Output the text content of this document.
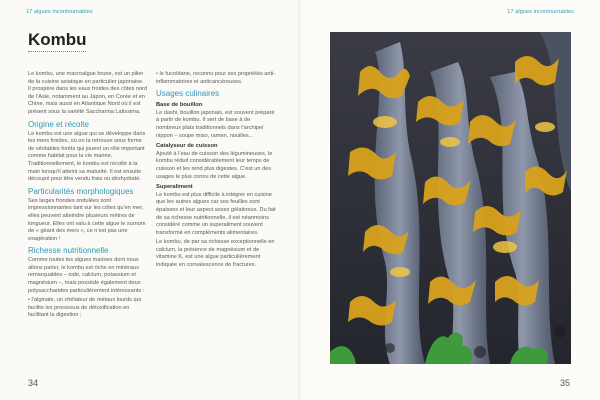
17 algues incontournables
Kombu

Le kombu, une macroalgue brune, est un pilier de la cuisine asiatique en particulier japonaise. Il prospère dans les eaux froides des côtes nord de l’Asie, notamment au Japon, en Corée et en Chine, mais aussi en Atlantique Nord où il est présent sous la variété Saccharina Latissima.

Origine et récolte

Le kombu est une algue qui se développe dans les mers froides, où on la retrouve sous forme de véritables forêts qui jouent un rôle important comme habitat pour la vie marine. Traditionnellement, le kombu est récolté à la main lorsqu’il atteint sa maturité. Il est ensuite découpé pour être vendu frais ou déshydraté.

Particularités morphologiques

Ses larges frondes ondulées sont impressionnantes tant sur les côtes qu’en mer, elles peuvent atteindre plusieurs mètres de longueur. Elles ont valu à cette algue le surnom de « géant des mers », ce n’est pas une exagération !

Richesse nutritionnelle

Comme toutes les algues marines dont nous allons parler, le kombu est riche en minéraux remarquables – iode, calcium, potassium et magnésium –, mais possède également deux polysaccharides particulièrement intéressants :

• l’alginate, un chélateur de métaux lourds qui facilite les processus de détoxification en facilitant la digestion ;

• le fucoïdane, reconnu pour ses propriétés anti-inflammatoires et anticancéreuses.

Usages culinaires
Base de bouillon

Le dashi, bouillon japonais, est souvent préparé à partir de kombu. Il sert de base à de nombreux plats traditionnels dans l’archipel nippon – soupe miso, ramen, nouilles...

Catalyseur de cuisson

Ajouté à l’eau de cuisson des légumineuses, le kombu réduit considérablement leur temps de cuisson et les rend plus digestes. C’est un des usages le plus connu de cette algue.

Superaliment

Le kombu est plus difficile à intégrer en cuisine que les autres algues car ses feuilles sont épaisses et leur aspect assez gélatineux. Du fait de sa richesse nutritionnelle, il est néanmoins considéré comme un superaliment souvent transformé en compléments alimentaires.

Le kombu, de par sa richesse exceptionnelle en calcium, la présence de magnésium et de vitamine K, est une algue particulièrement indiquée en convalescence de fractures.

34
17 algues incontournables
35
